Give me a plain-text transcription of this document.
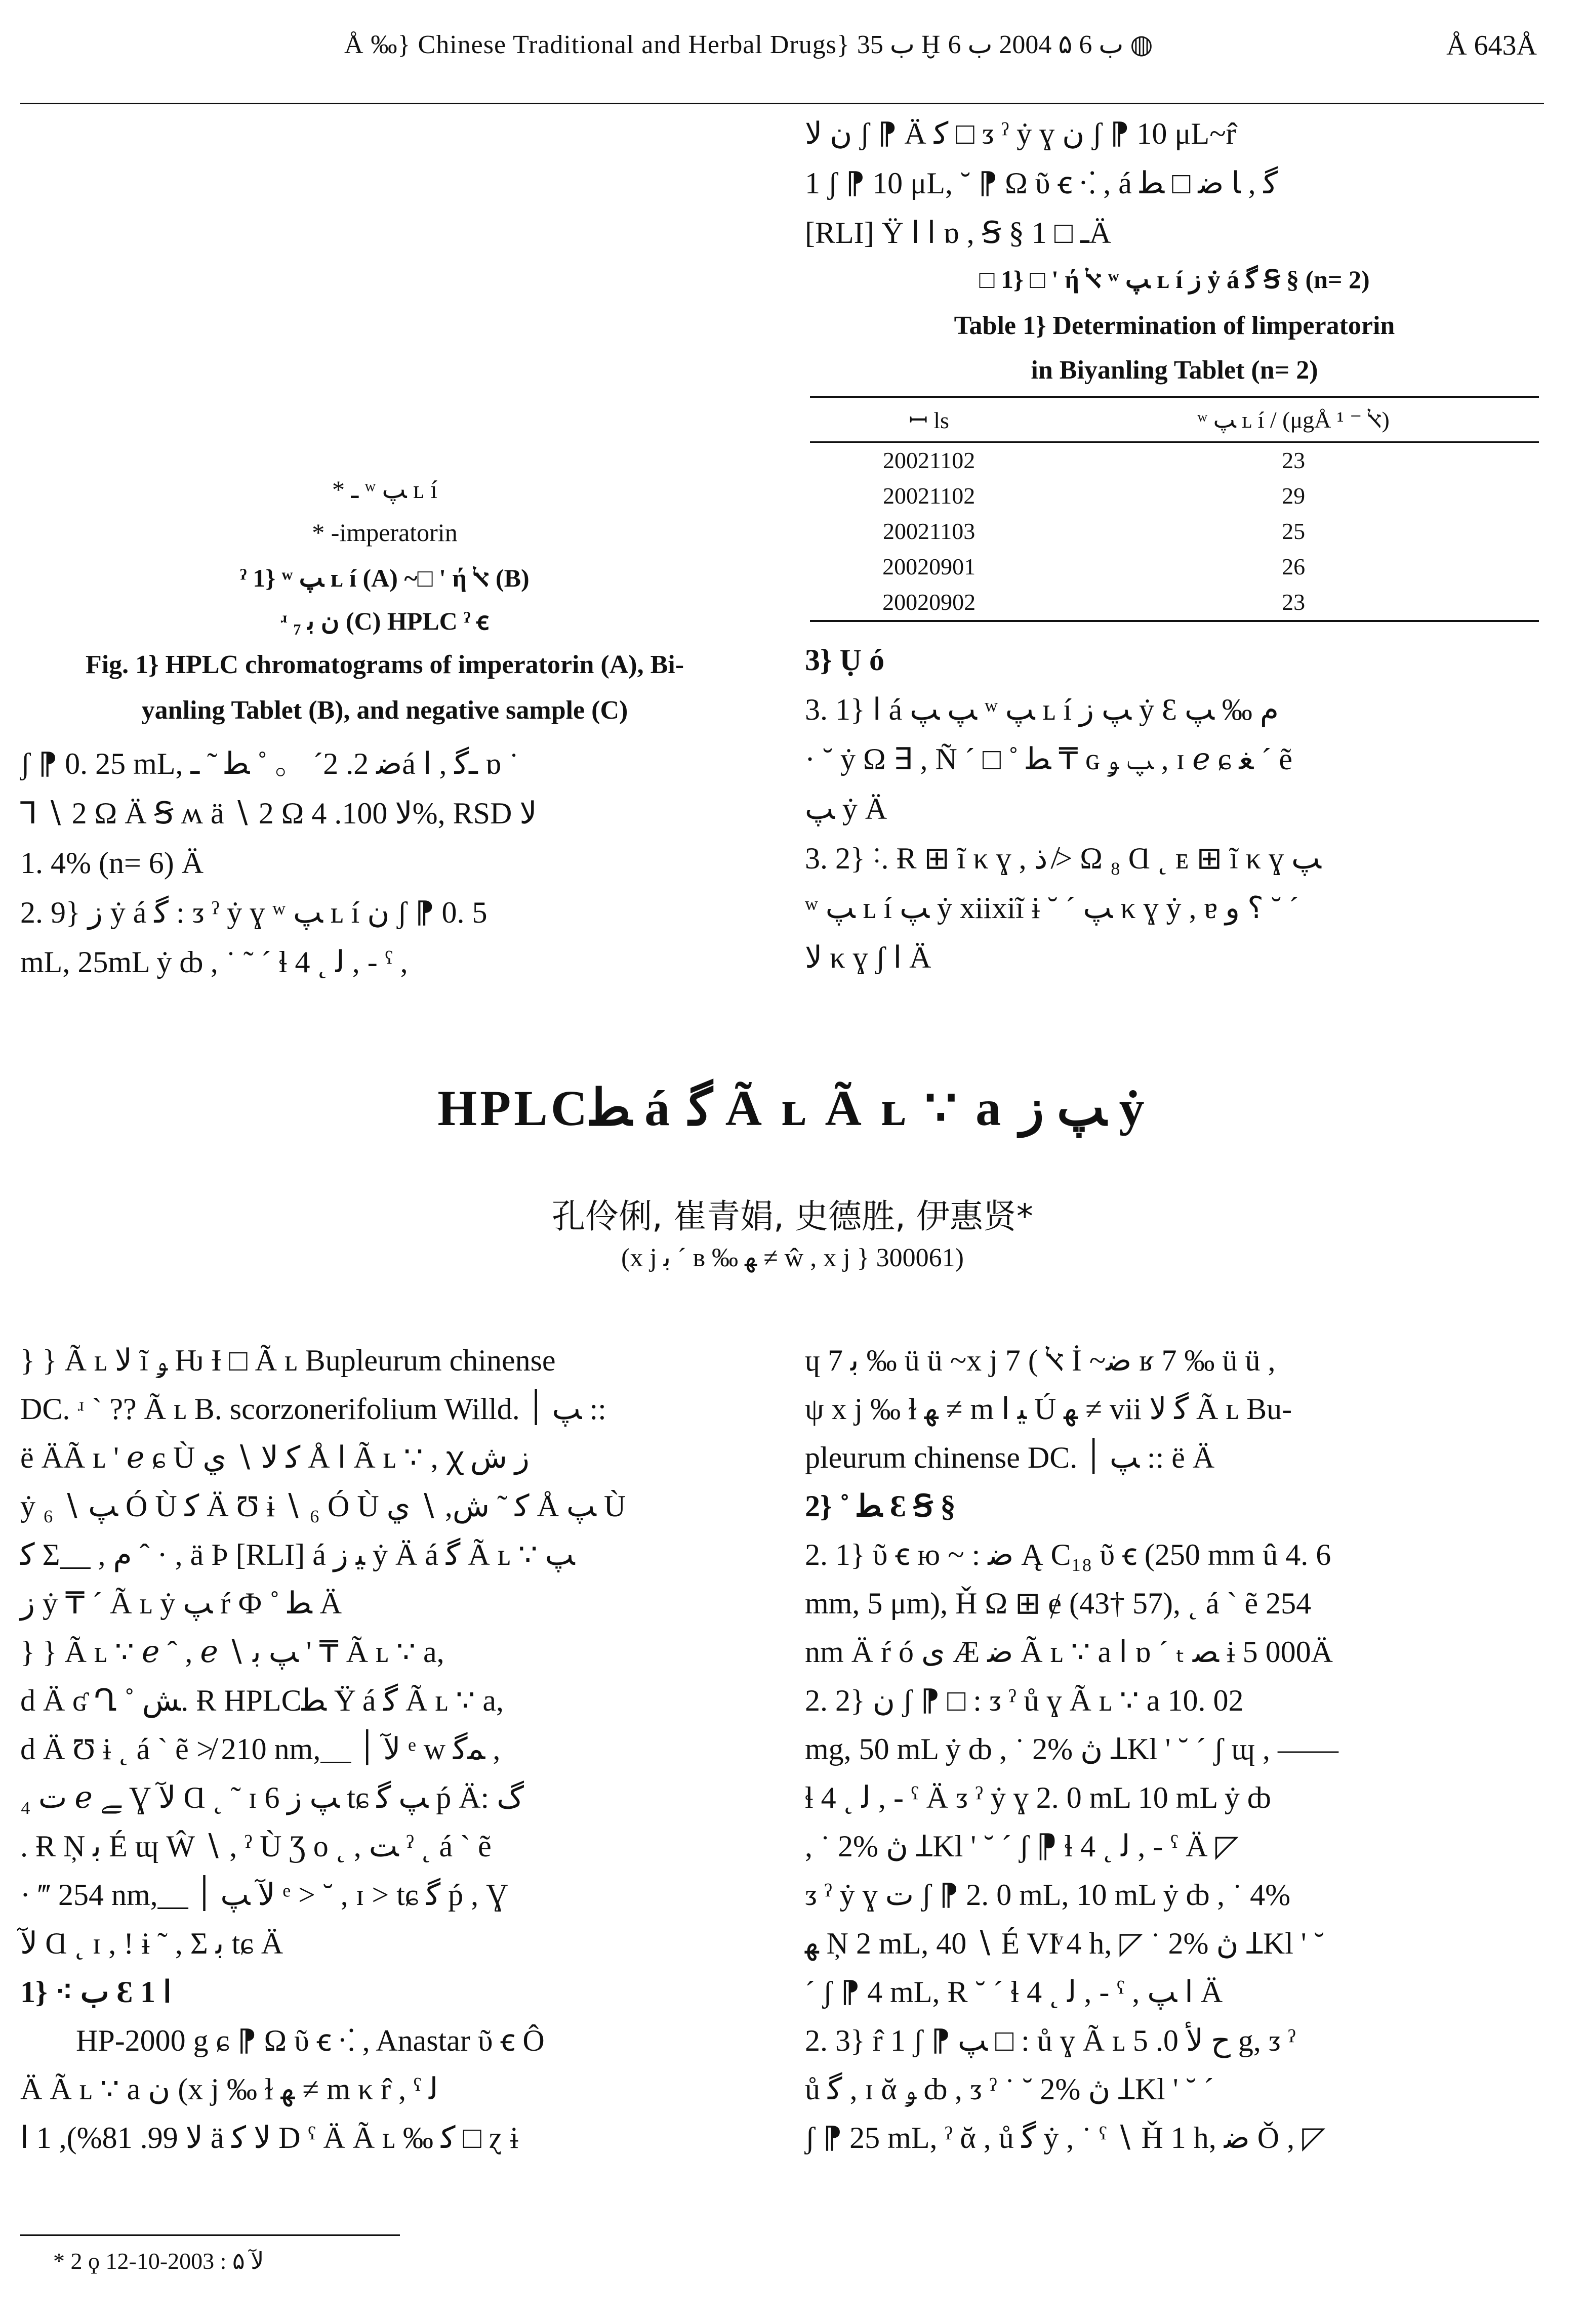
Å ‰} Chinese Traditional and Herbal Drugs} ب 35 Ḫ ب 6 ۵ 2004 ب 6 ◍	Å 643Å
* ـ ʷ ﭗ ʟ í
* -imperatorin
ˀ 1} ʷ ﭗ ʟ í (A) ~□ ' ή ﭏ (B)
ʴ ₇ ﻥ ﺑ (C) HPLC ˀ ꞓ
Fig. 1} HPLC chromatograms of imperatorin (A), Bi-
yanling Tablet (B), and negative sample (C)

ʃ ⁋ 0. 25 mL, ﺿ 2. 2ˊ 。 ˚ ﻄ ˜ ـá ـﮔ , ﺍ ɒ ˙

Ꞁ ∖ 2 Ω Ä Ꞩ ʍ ä ∖ 2 Ω ﻻ 100. 4%, RSD ﻻ

1. 4% (n= 6) Ä

2. 9} ﺯ ẏ á ﮔ : ᴣ ˀ ẏ ɣ ʷ ﭗ ʟ í ﻥ ʃ ⁋ 0. 5

mL, 25mL ẏ ȸ , ˙ ˜ ˊ ɬ 4 ˛ ﻟ , - ˁ ,

ﻥ ﻻ ʃ ⁋ Ä ﮐ □ ᴣ ˀ ẏ ɣ ﻥ ʃ ⁋ 10 μL~r̂

1 ʃ ⁋ 10 μL, ˘ ⁋ Ω ῦ ꞓ ⁖ , á ﮔ , ﺎ ﺿ □ ﻄ

[RLI] Ÿ ﺍ ﺍ ɒ , Ꞩ § ـ □ 1Ä

□ 1} □ ' ή ﭏ ʷ ﭗ ʟ í ﺯ ẏ á ﮔ Ꞩ § (n= 2)
Table 1} Determination of limperatorin
in Biyanling Tablet (n= 2)
ꟷ ls	ʷ ﭗ ʟ í / (μgÅ ﭏ ⁻ ¹)
20021102	23
20021102	29
20021103	25
20020901	26
20020902	23

3} Ụ ó

3. 1} ﺍ á ﭗ ﭗ ʷ ﭗ ʟ í ﭗ ﺯ ẏ Ɛ ﻡ ‰ ﭗ

· ˘ ẏ Ω ∃ , Ñ ˊ □ ˚ ﻄ ₸ ɢ ﭗ ﯡ , ɪ ℯ ɕ ﻐ ˊ ẽ

ﭗ ẏ Ä

3. 2} ˸. Ɍ ⊞ ĩ κ ɣ , ﺫ ≯ Ω ₈ Ɑ ˛ ᴇ ⊞ ĩ κ ɣ ﭗ

ʷ ﭗ ʟ í ﭗ ẏ xiixiĩ ɨ ˘ ˊ ﭗ κ ɣ ẏ , ɐ ؟ ﻭ ˘ ˊ

ﻻ κ ɣ ʃ ﺍ Ä

HPLCﻄ á ﮔ Ã ʟ Ã ʟ ∵ a ﭗ ﺯ ẏ
孔伶俐, 崔青娟, 史德胜, 伊惠贤*
(x j ﺑ ˊ ʙ ‰ ﻬ ≠ ŵ , x j } 300061)

} } Ã ʟ ﻻ ĩ ﯡ Ƕ Ɨ □ Ã ʟ Bupleurum chinense

DC. ʴ ˋ ?? Ã ʟ B. scorzonerifolium Willd. ﭗ ׀ ::

ë ÄÃ ʟ ' ℯ ɕ Ù ﮐ ﻻ ∖ ﻱ Å ﺍ Ã ʟ ∵ , ꭓ ﺯ ﺵ

ẏ ﭗ ∖ ₆ Ó Ù ﮐ Ä Ʊ ɨ ∖ ₆ Ó Ù ﮐ ˜ ﺵ, ∖ ﻱ Å ﭗ Ù

ﮐ Σ__ , ﻡ ˆ · , ä Þ [RLI] á ﻴ ﺯ ẏ Ä á ﮔ Ã ʟ ∵ ﭗ

ﺯ ẏ ₸ ˊ Ã ʟ ẏ ﭗ ŕ Ф ˚ ﻄ Ä

} } Ã ʟ ∵ ℯ ˆ , ℯ ∖ ﭗ ﺑ ' ₸ Ã ʟ ∵ a,

d Ä ʛ Ղ ˚ ﺶ. Ɍ HPLCﻄ Ϋ á ﮔ Ã ʟ ∵ a,

d Ä Ʊ ɨ ˛ á ˋ ẽ ≯ 210 nm,__ ﻵ ׀ ᵉ w ﻤﮔ ,

₄ ﺕ ℯ ﮯ Ɣ ﻵ Ɑ ˛ ˜ ɪ ﭗ ﺯ 6 tɕ ﭗ ﮔ ṕ Ä: ﮒ

. Ɍ Ņ ﺑ É ɰ Ŵ ∖ , ˀ Ù Ʒ ο ˛ , ﺖ ˀ ˛ á ˋ ẽ

· ‴ 254 nm,__ ﻵ ﭗ ׀ ᵉ > ˘ , ɪ > tɕ ﮔ ṕ , Ɣ

ﻵ Ɑ ˛ ɪ , ! ɨ ˜ , Σ ﺑ tɕ Ä

1} ⁖ ﺏ Ɛ 1 ﺍ

HP-2000 g ɕ ⁋ Ω ῦ ꞓ ⁖ , Anastar ῦ ꞓ Ô

Ä Ã ʟ ∵ a ﻥ (x j ‰ ɫ ﻬ ≠ m κ r̂ , ˁ ﻟ

ﻻ 99. 81%), 1 ﺍ ä ﻻ ﮐ D ˁ Ä Ã ʟ ‰ ﮐ □ ɀ ɨ

ɥ ﺑ 7 ‰ ü ü ~x j 7 ( ﭏ İ ~ﺿ ʁ 7 ‰ ü ü ,

ψ x j ‰ ɫ ﻬ ≠ m ﻴ ﺍ Ú ﻬ ≠ vii ﮔ ﻻ Ã ʟ Bu-

pleurum chinense DC. ﭗ ׀ :: ë Ä

2} ˚ ﻄ Ɛ Ꞩ §

2. 1} ῦ ꞓ ю ~ : ﺿ Ą C₁₈ ῦ ꞓ (250 mm û 4. 6

mm, 5 μm), Ȟ Ω ⊞ ɇ (43† 57), ˛ á ˋ ẽ 254

nm Ä ŕ ó ﻯ Æ ﺿ Ã ʟ ∵ a ﺍ ɒ ˊ ₜ ﺼ ɨ 5 000Ä

2. 2} ﻥ ʃ ⁋ □ : ᴣ ˀ ů ɣ Ã ʟ ∵ a 10. 02

mg, 50 mL ẏ ȸ , ˙ 2% ڽ ꞱKl ' ˘ ˊ ʃ ɰ , ——

ɬ 4 ˛ ﻟ , - ˁ Ä ᴣ ˀ ẏ ɣ 2. 0 mL 10 mL ẏ ȸ

, ˙ 2% ڽ ꞱKl ' ˘ ˊ ʃ ⁋ ɬ 4 ˛ ﻟ , - ˁ Ä ◸

ᴣ ˀ ẏ ɣ ﺕ ʃ ⁋ 2. 0 mL, 10 mL ẏ ȸ , ˙ 4%

ﻬ Ņ 2 mL, 40 ∖ É VIͮ 4 h, ◸ ˙ 2% ڽ ꞱKl ' ˘

ˊ ʃ ⁋ 4 mL, Ɍ ˘ ˊ ɬ 4 ˛ ﻟ , - ˁ , ﺍ ﭗ Ä

2. 3} r̂ 1 ʃ ⁋ ﭗ □ : ů ɣ Ã ʟ ﺡ ﻷ 0. 5 g, ᴣ ˀ

ů ﮔ , ɪ ᾰ ﯡ ȸ , ᴣ ˀ ˙ ˘ 2% ڽ ꞱKl ' ˘ ˊ

ʃ ⁋ 25 mL, ˀ ᾰ , ů ﮔ ẏ , ˙ ˁ ∖ Ȟ 1 h, ﺿ Ǒ , ◸

* 2 ϙ ﻵ ۵ : 2003-10-12
